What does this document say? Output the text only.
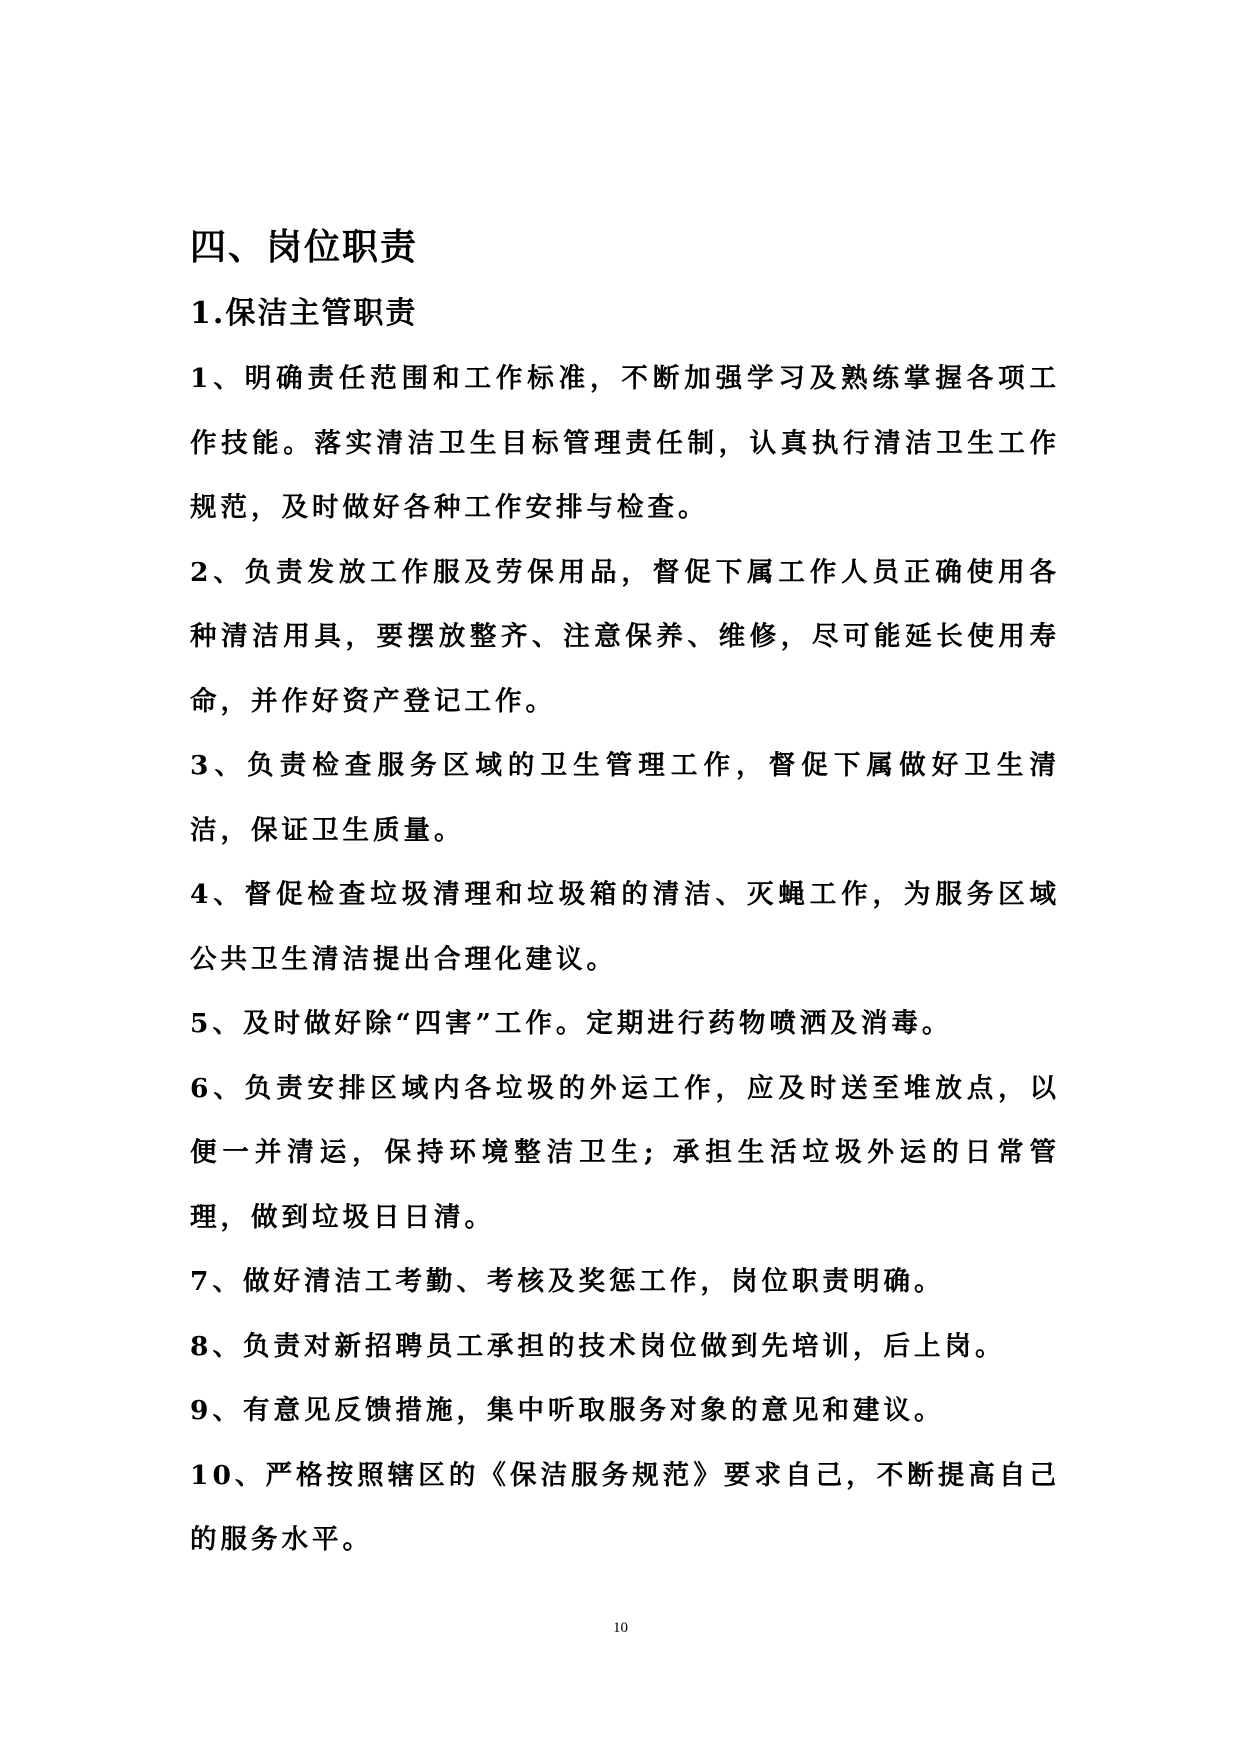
四、岗位职责
1.保洁主管职责

1、明确责任范围和工作标准，不断加强学习及熟练掌握各项工作技能。落实清洁卫生目标管理责任制，认真执行清洁卫生工作规范，及时做好各种工作安排与检查。

2、负责发放工作服及劳保用品，督促下属工作人员正确使用各种清洁用具，要摆放整齐、注意保养、维修，尽可能延长使用寿命，并作好资产登记工作。

3、负责检查服务区域的卫生管理工作，督促下属做好卫生清洁，保证卫生质量。

4、督促检查垃圾清理和垃圾箱的清洁、灭蝇工作，为服务区域公共卫生清洁提出合理化建议。

5、及时做好除“四害”工作。定期进行药物喷洒及消毒。

6、负责安排区域内各垃圾的外运工作，应及时送至堆放点，以便一并清运，保持环境整洁卫生; 承担生活垃圾外运的日常管理，做到垃圾日日清。

7、做好清洁工考勤、考核及奖惩工作，岗位职责明确。

8、负责对新招聘员工承担的技术岗位做到先培训，后上岗。

9、有意见反馈措施，集中听取服务对象的意见和建议。

10、严格按照辖区的《保洁服务规范》要求自己，不断提高自己的服务水平。

10
